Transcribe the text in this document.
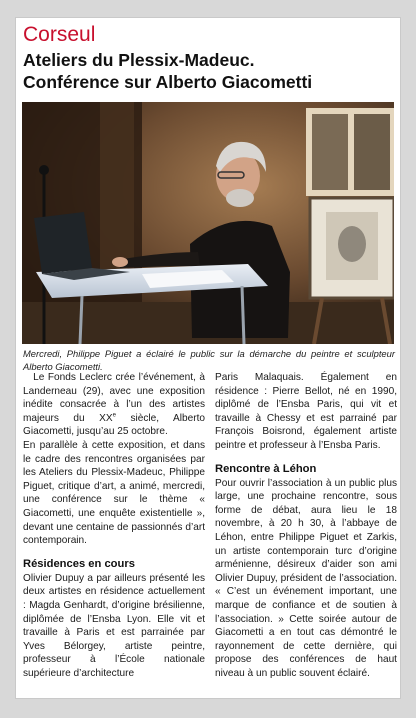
Corseul
Ateliers du Plessix-Madeuc.
Conférence sur Alberto Giacometti

Mercredi, Philippe Piguet a éclairé le public sur la démarche du peintre et sculpteur Alberto Giacometti.

Le Fonds Leclerc crée l’événement, à Landerneau (29), avec une exposition inédite consacrée à l’un des artistes majeurs du XXe siècle, Alberto Giacometti, jusqu’au 25 octobre.

En parallèle à cette exposition, et dans le cadre des rencontres organisées par les Ateliers du Plessix-Madeuc, Philippe Piguet, critique d’art, a animé, mercredi, une conférence sur le thème « Giacometti, une enquête existentielle », devant une centaine de passionnés d’art contemporain.

Résidences en cours

Olivier Dupuy a par ailleurs présenté les deux artistes en résidence actuellement : Magda Genhardt, d’origine brésilienne, diplômée de l’Ensba Lyon. Elle vit et travaille à Paris et est parrainée par Yves Bélorgey, artiste peintre, professeur à l’École nationale supérieure d’architecture

Paris Malaquais. Également en résidence : Pierre Bellot, né en 1990, diplômé de l’Ensba Paris, qui vit et travaille à Chessy et est parrainé par François Boisrond, également artiste peintre et professeur à l’Ensba Paris.

Rencontre à Léhon

Pour ouvrir l’association à un public plus large, une prochaine rencontre, sous forme de débat, aura lieu le 18 novembre, à 20 h 30, à l’abbaye de Léhon, entre Philippe Piguet et Zarkis, un artiste contemporain turc d’origine arménienne, désireux d’aider son ami Olivier Dupuy, président de l’association. « C’est un événement important, une marque de confiance et de soutien à l’association. » Cette soirée autour de Giacometti a en tout cas démontré le rayonnement de cette dernière, qui propose des conférences de haut niveau à un public souvent éclairé.
